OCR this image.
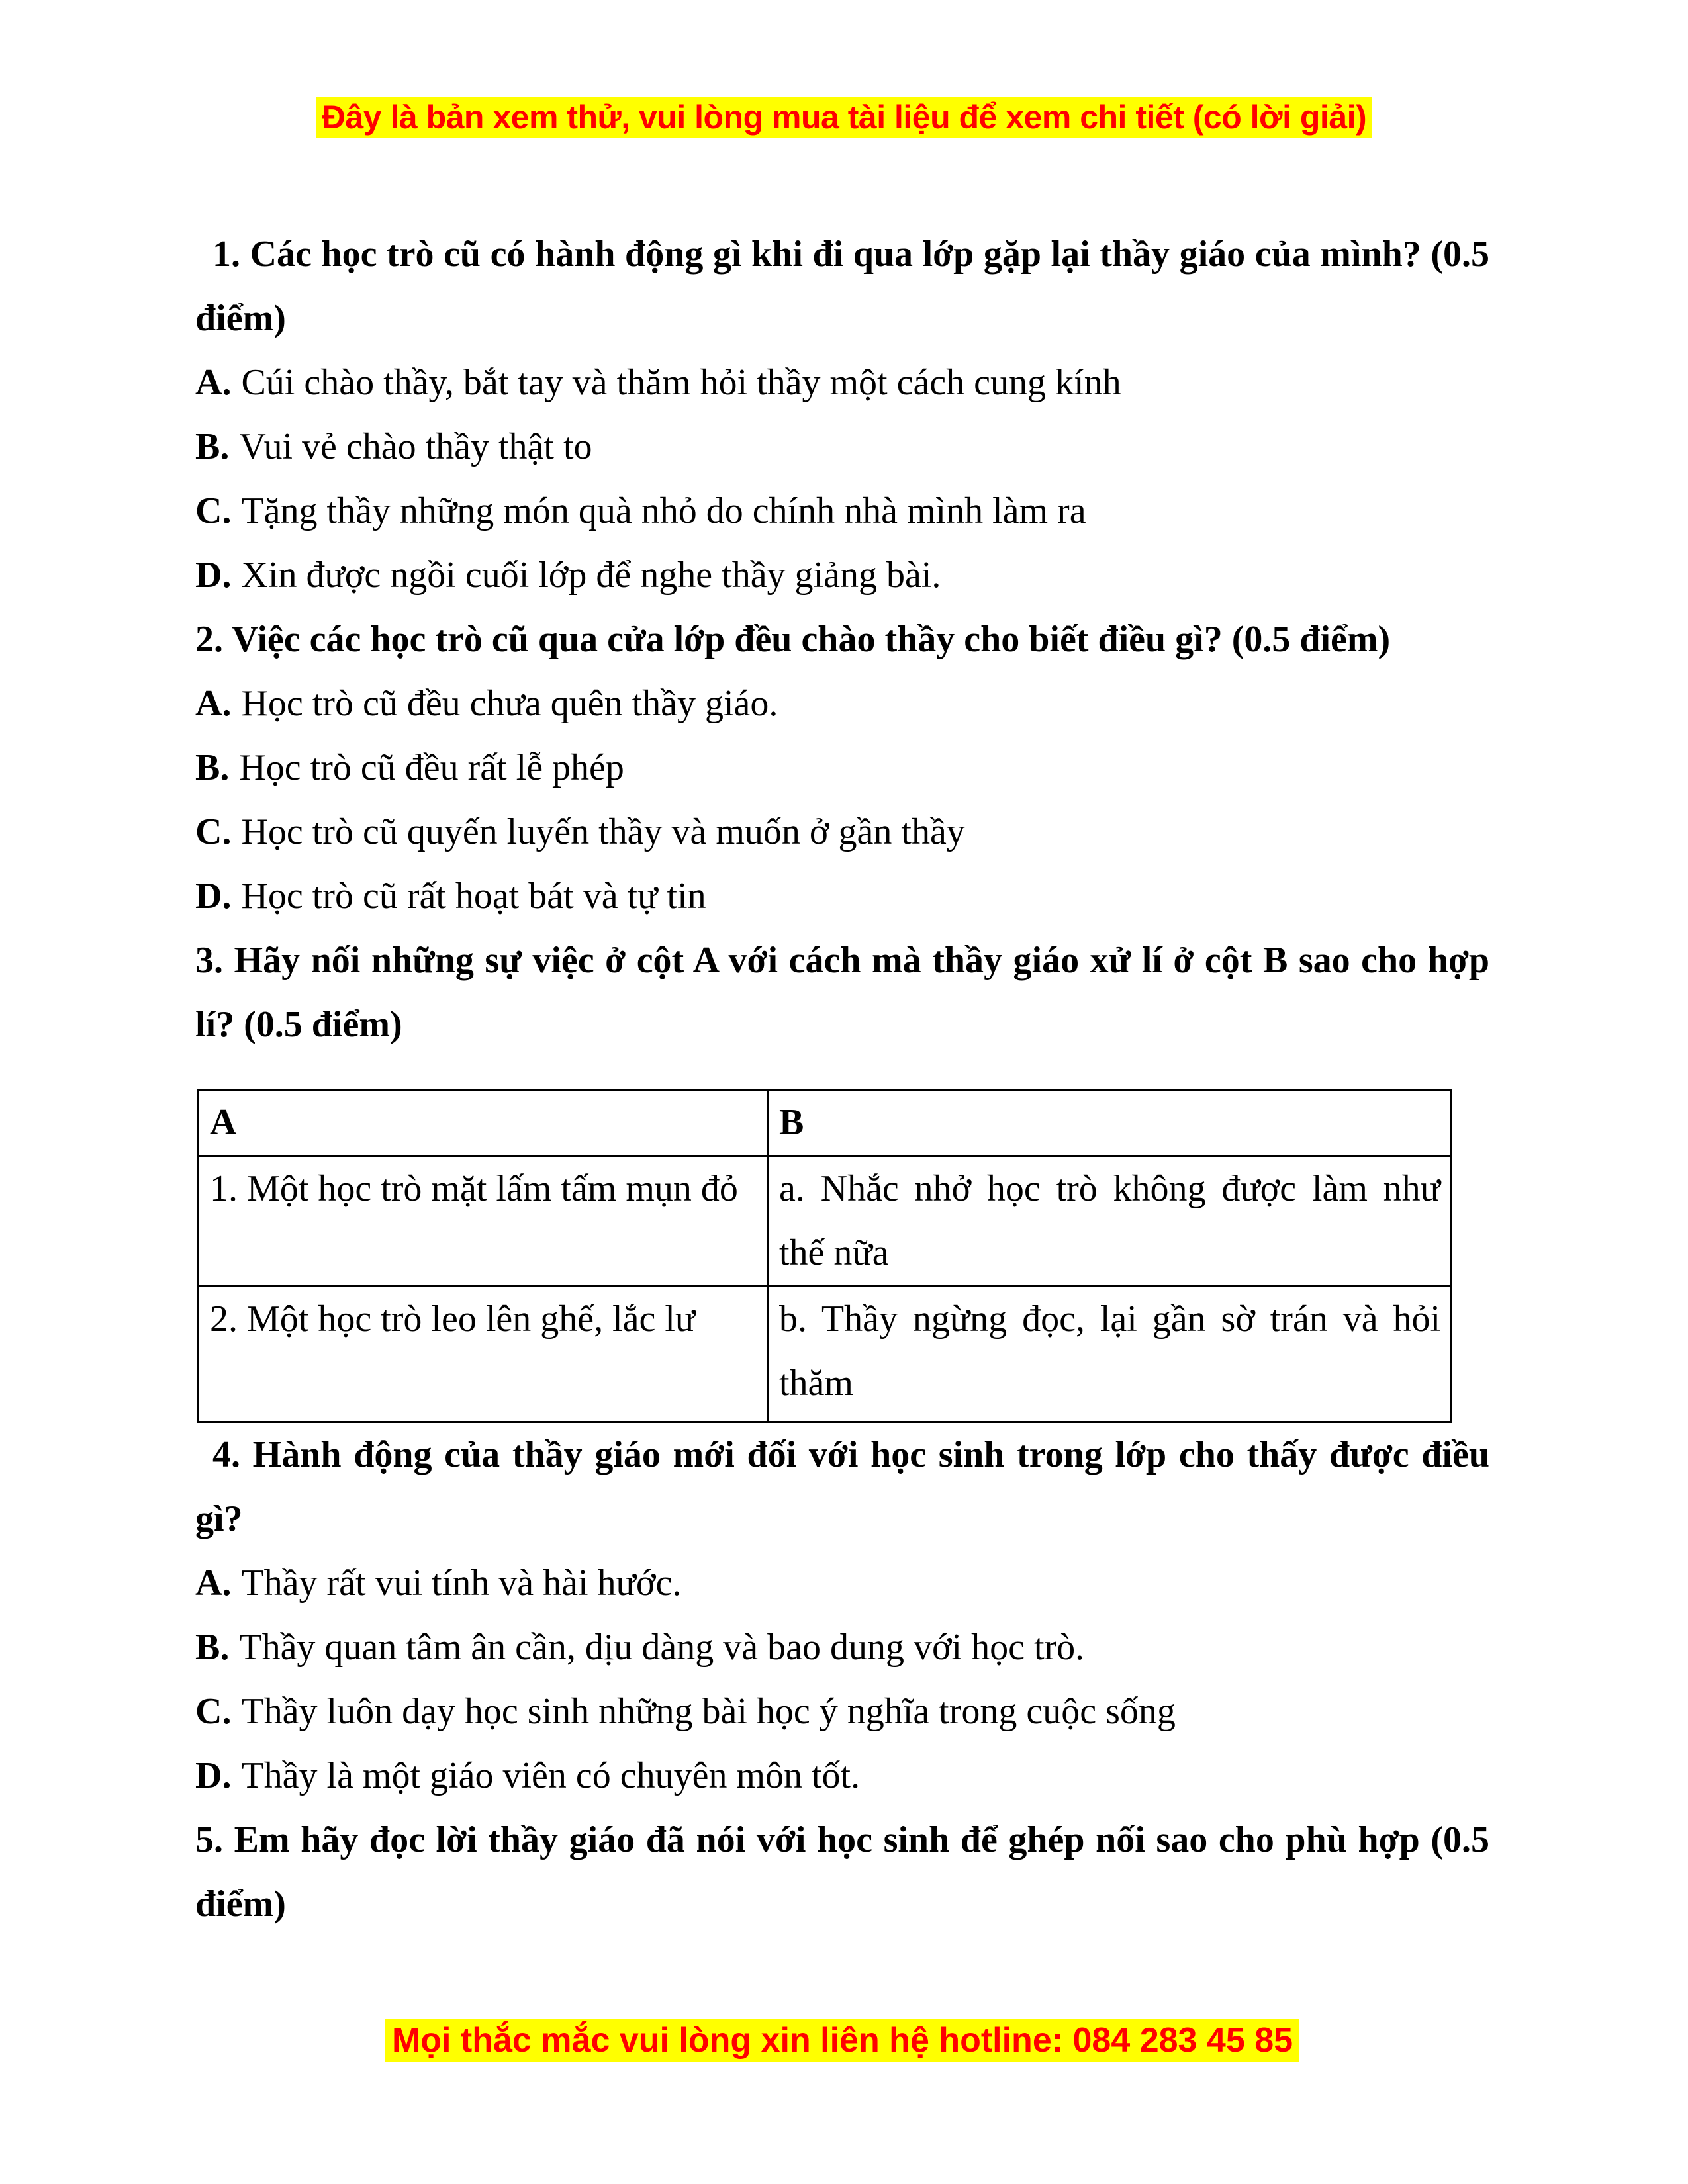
Đây là bản xem thử, vui lòng mua tài liệu để xem chi tiết (có lời giải)

1. Các học trò cũ có hành động gì khi đi qua lớp gặp lại thầy giáo của mình? (0.5 điểm)

A. Cúi chào thầy, bắt tay và thăm hỏi thầy một cách cung kính

B. Vui vẻ chào thầy thật to

C. Tặng thầy những món quà nhỏ do chính nhà mình làm ra

D. Xin được ngồi cuối lớp để nghe thầy giảng bài.

2. Việc các học trò cũ qua cửa lớp đều chào thầy cho biết điều gì? (0.5 điểm)

A. Học trò cũ đều chưa quên thầy giáo.

B. Học trò cũ đều rất lễ phép

C. Học trò cũ quyến luyến thầy và muốn ở gần thầy

D. Học trò cũ rất hoạt bát và tự tin

3. Hãy nối những sự việc ở cột A với cách mà thầy giáo xử lí ở cột B sao cho hợp lí? (0.5 điểm)

A	B
1. Một học trò mặt lấm tấm mụn đỏ	a. Nhắc nhở học trò không được làm như thế nữa
2. Một học trò leo lên ghế, lắc lư	b. Thầy ngừng đọc, lại gần sờ trán và hỏi thăm

4. Hành động của thầy giáo mới đối với học sinh trong lớp cho thấy được điều gì?

A. Thầy rất vui tính và hài hước.

B. Thầy quan tâm ân cần, dịu dàng và bao dung với học trò.

C. Thầy luôn dạy học sinh những bài học ý nghĩa trong cuộc sống

D. Thầy là một giáo viên có chuyên môn tốt.

5. Em hãy đọc lời thầy giáo đã nói với học sinh để ghép nối sao cho phù hợp (0.5 điểm)

Mọi thắc mắc vui lòng xin liên hệ hotline: 084 283 45 85
